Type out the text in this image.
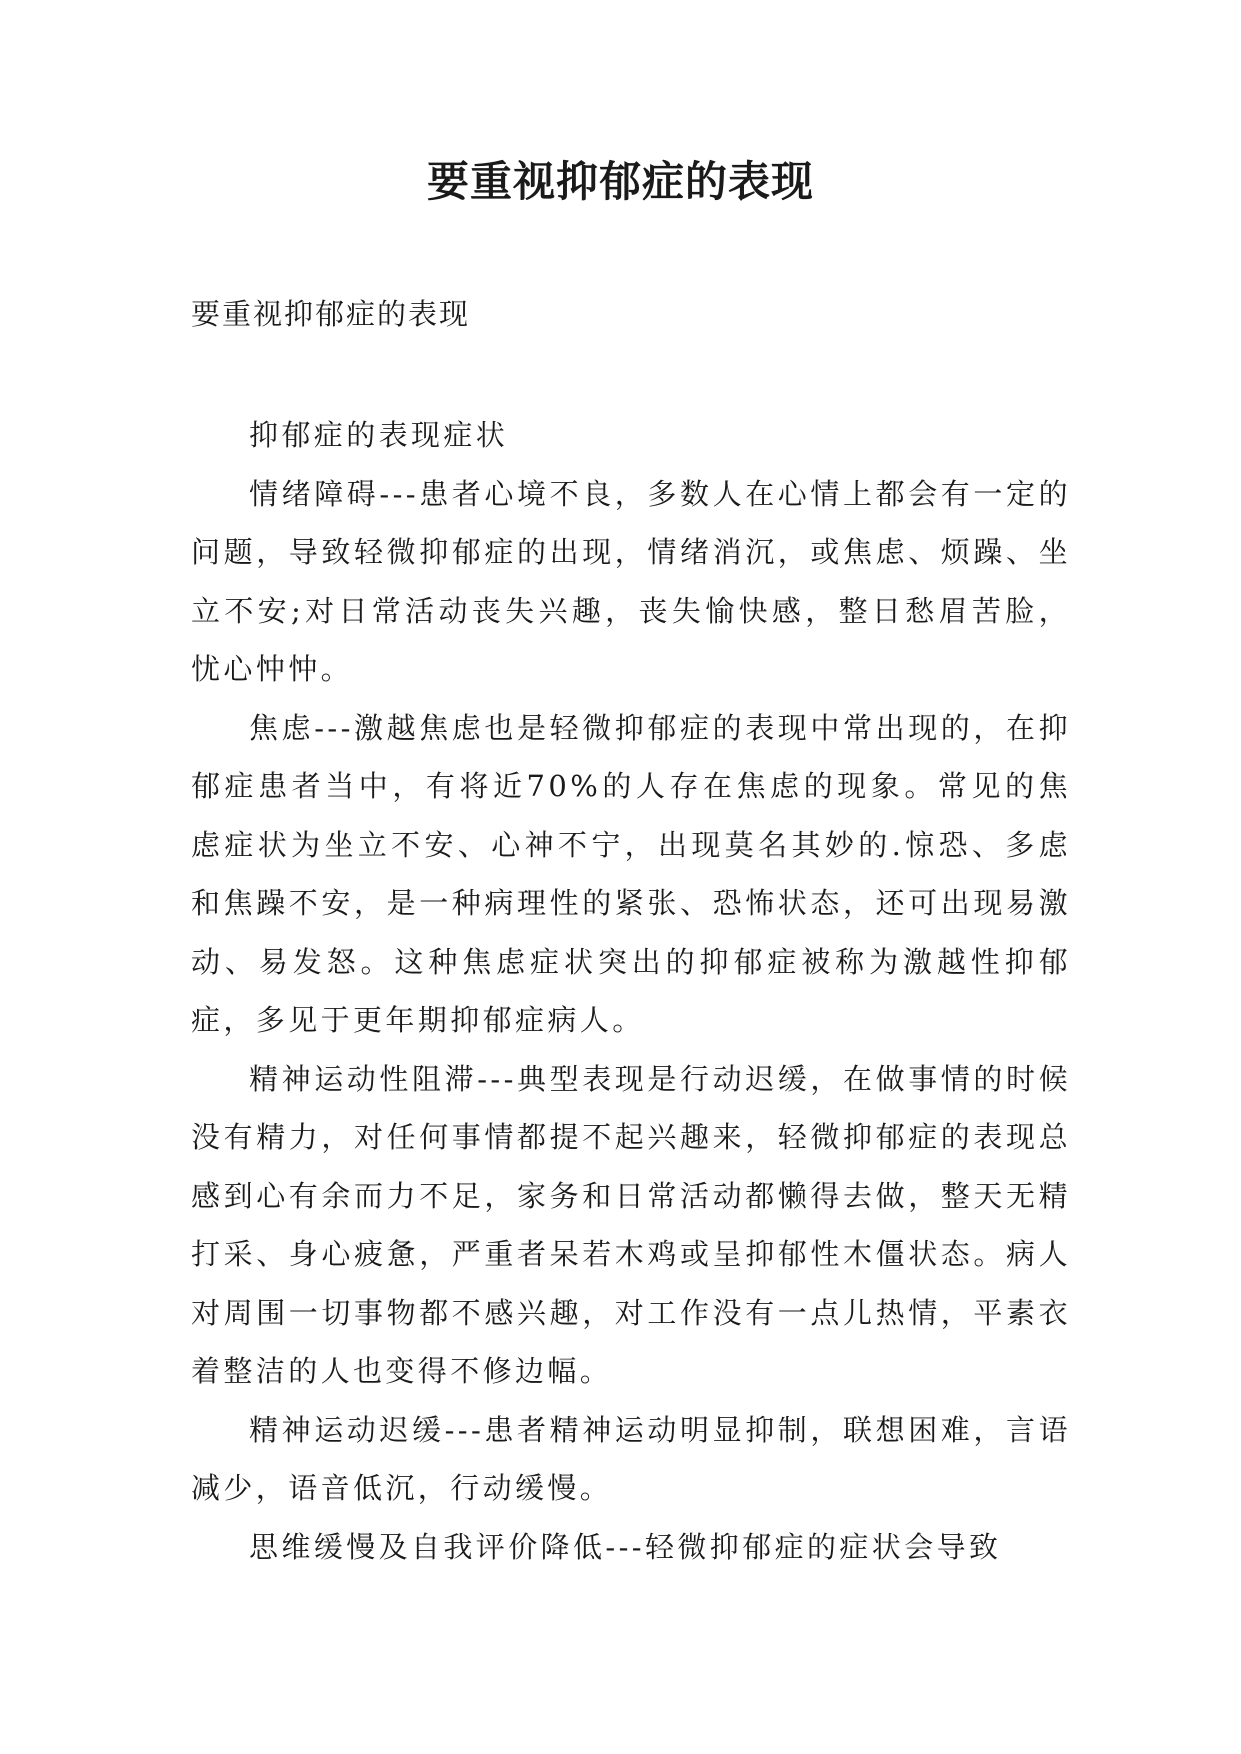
要重视抑郁症的表现

要重视抑郁症的表现

抑郁症的表现症状

情绪障碍---患者心境不良，多数人在心情上都会有一定的问题，导致轻微抑郁症的出现，情绪消沉，或焦虑、烦躁、坐立不安;对日常活动丧失兴趣，丧失愉快感，整日愁眉苦脸，忧心忡忡。

焦虑---激越焦虑也是轻微抑郁症的表现中常出现的，在抑郁症患者当中，有将近70%的人存在焦虑的现象。常见的焦虑症状为坐立不安、心神不宁，出现莫名其妙的.惊恐、多虑和焦躁不安，是一种病理性的紧张、恐怖状态，还可出现易激动、易发怒。这种焦虑症状突出的抑郁症被称为激越性抑郁症，多见于更年期抑郁症病人。

精神运动性阻滞---典型表现是行动迟缓，在做事情的时候没有精力，对任何事情都提不起兴趣来，轻微抑郁症的表现总感到心有余而力不足，家务和日常活动都懒得去做，整天无精打采、身心疲惫，严重者呆若木鸡或呈抑郁性木僵状态。病人对周围一切事物都不感兴趣，对工作没有一点儿热情，平素衣着整洁的人也变得不修边幅。

精神运动迟缓---患者精神运动明显抑制，联想困难，言语减少，语音低沉，行动缓慢。

思维缓慢及自我评价降低---轻微抑郁症的症状会导致
